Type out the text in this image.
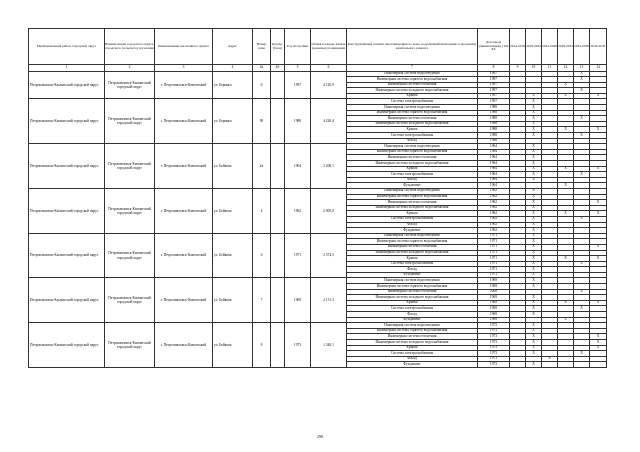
Муниципальный район, Городской округ	Наименование городского округа, городского (сельского) поселения	Наименование населенного пункта	Адрес	Номер дома	Корпус (блок)	Год постройки	Общая площадь жилых (нежилых) помещений	Конструктивный элемент многоквартирного дома, подлежащий включению в программу капитального ремонта	Дата ввода (приватизации) у КР КЗ	2014-2018	2019-2023	2024-2028	2029-2033	2034-2038	2039-2043
1	2	3	4	4а	4б	5	6	7	8	9	10	11	12	13	14
Петропавловск-Камчатский городской округ	Петропавловск-Камчатский городской округ	г. Петропавловск-Камчатский	ул. Беринга	6		1997	4 120,9	Инженерная система водоотведения	1997					X	
								Инженерная система горячего водоснабжения	1997					X	
								Инженерная система отопления	1997				X		
								Инженерная система холодного водоснабжения	1997					X	
								Крыша	1997		X		X		X
Петропавловск-Камчатский городской округ	Петропавловск-Камчатский городской округ	г. Петропавловск-Камчатский	ул. Беринга	90		1988	4 220,4	Система электроснабжения	1997		X				
								Инженерная система водоотведения	1988		X				
								Инженерная система горячего водоснабжения	1988		X				
								Инженерная система отопления	1988		X			X	
								Инженерная система холодного водоснабжения	1988		X				
								Крыша	1988		X		X		X
								Система электроснабжения	1988		X			X	
								Фасад	1988						
Петропавловск-Камчатский городской округ	Петропавловск-Камчатский городской округ	г. Петропавловск-Камчатский	ул. Бейкова	2а		1964	2 208,1	Инженерная система водоотведения	1964		X				
								Инженерная система горячего водоснабжения	1964		X				
								Инженерная система отопления	1964		X				
								Инженерная система холодного водоснабжения	1964		X				
								Крыша	1964		X		X		X
								Система электроснабжения	1964		X			X	
								Фасад	1964		X				
								Фундамент	1964				X		
Петропавловск-Камчатский городской округ	Петропавловск-Камчатский городской округ	г. Петропавловск-Камчатский	ул. Бейкова	4		1962	2 005,0	Инженерная система водоотведения	1962		X				
								Инженерная система горячего водоснабжения	1962		X				
								Инженерная система отопления	1962		X				X
								Инженерная система холодного водоснабжения	1962		X				
								Крыша	1962		X		X		X
								Система электроснабжения	1962		X			X	
								Фасад	1962		X				
								Фундамент	1962		X				
Петропавловск-Камчатский городской округ	Петропавловск-Камчатский городской округ	г. Петропавловск-Камчатский	ул. Бейкова	6		1971	2 374,5	Инженерная система водоотведения	1971		X				
								Инженерная система горячего водоснабжения	1971		X				
								Инженерная система отопления	1971		X				X
								Инженерная система холодного водоснабжения	1971		X				
								Крыша	1971		X		X		X
								Система электроснабжения	1971		X			X	
								Фасад	1971		X				
								Фундамент	1971		X				
Петропавловск-Камчатский городской округ	Петропавловск-Камчатский городской округ	г. Петропавловск-Камчатский	ул. Бейкова	7		1969	2 131,3	Инженерная система водоотведения	1969		X				
								Инженерная система горячего водоснабжения	1969		X				
								Инженерная система отопления	2008					X	
								Инженерная система холодного водоснабжения	1969		X				
								Крыша	1969		X		X		X
								Система электроснабжения	1969		X			X	
								Фасад	1969		X				
								Фундамент	1969				X		
Петропавловск-Камчатский городской округ	Петропавловск-Камчатский городской округ	г. Петропавловск-Камчатский	ул. Бейкова	8		1973	1 340,1	Инженерная система водоотведения	1973		X				
								Инженерная система горячего водоснабжения	1973		X				
								Инженерная система отопления	1973		X				X
								Инженерная система холодного водоснабжения	1973		X				X
								Крыша	1973		X				X
								Система электроснабжения	1973		X			X	
								Фасад	1973			X			
								Фундамент	1973		X				
298
